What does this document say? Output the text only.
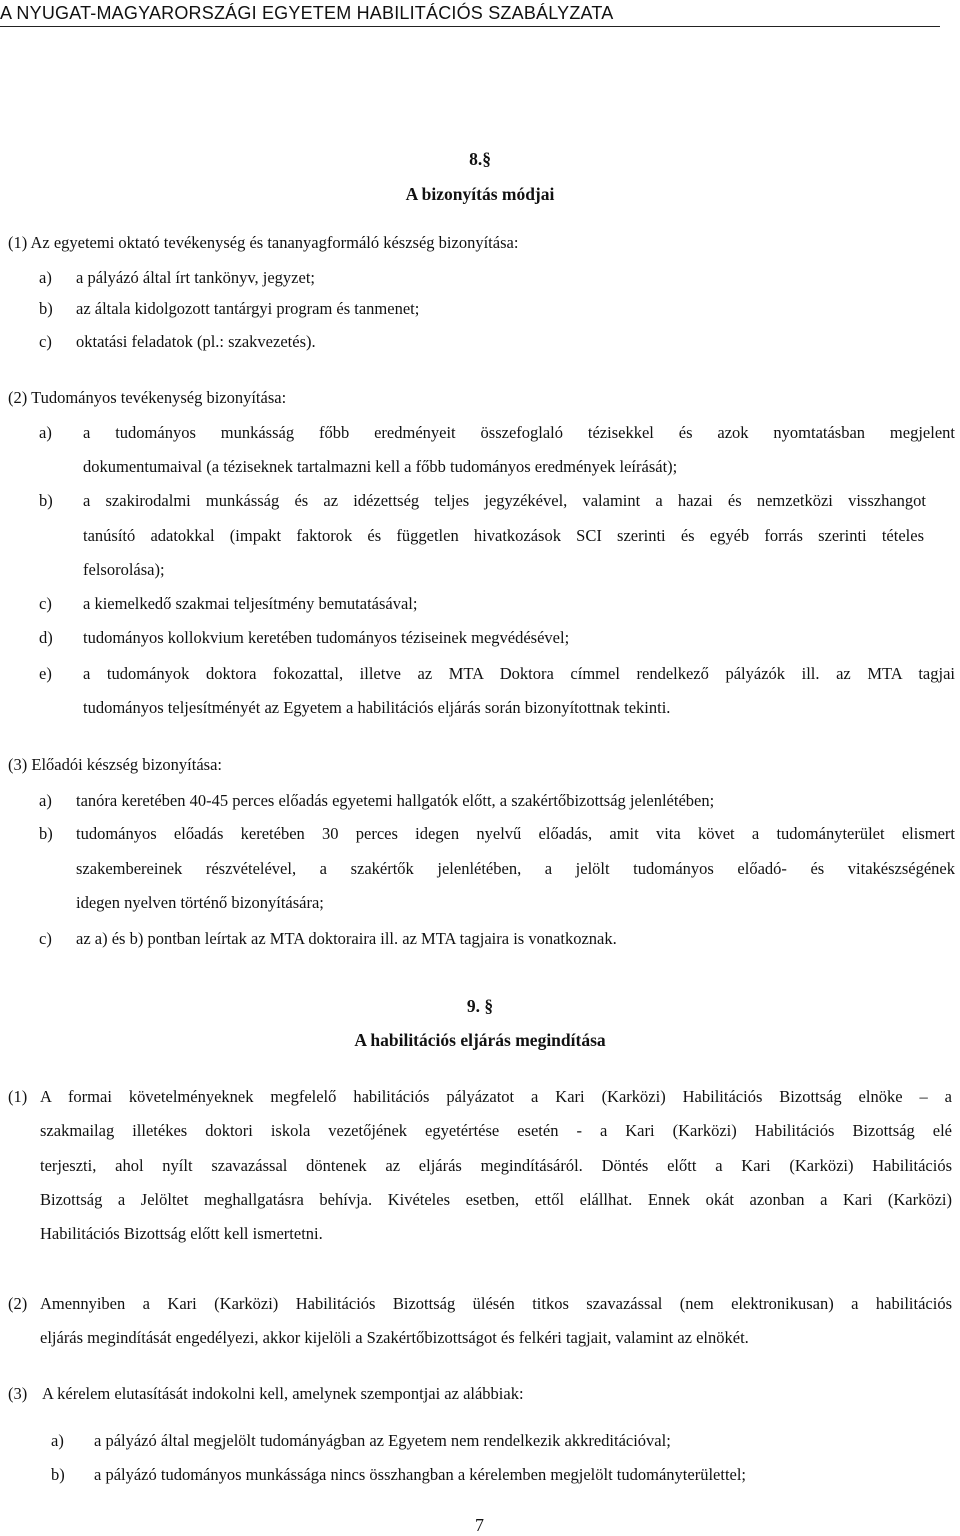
A NYUGAT-MAGYARORSZÁGI EGYETEM HABILITÁCIÓS SZABÁLYZATA
8.§
A bizonyítás módjai
(1) Az egyetemi oktató tevékenység és tananyagformáló készség bizonyítása:
a) a pályázó által írt tankönyv, jegyzet;
b) az általa kidolgozott tantárgyi program és tanmenet;
c) oktatási feladatok (pl.: szakvezetés).
(2) Tudományos tevékenység bizonyítása:
a) a tudományos munkásság főbb eredményeit összefoglaló tézisekkel és azok nyomtatásban megjelent
dokumentumaival (a téziseknek tartalmazni kell a főbb tudományos eredmények leírását);
b) a szakirodalmi munkásság és az idézettség teljes jegyzékével, valamint a hazai és nemzetközi visszhangot
tanúsító adatokkal (impakt faktorok és független hivatkozások SCI szerinti és egyéb forrás szerinti tételes
felsorolása);
c) a kiemelkedő szakmai teljesítmény bemutatásával;
d) tudományos kollokvium keretében tudományos téziseinek megvédésével;
e) a tudományok doktora fokozattal, illetve az MTA Doktora címmel rendelkező pályázók ill. az MTA tagjai
tudományos teljesítményét az Egyetem a habilitációs eljárás során bizonyítottnak tekinti.
(3) Előadói készség bizonyítása:
a) tanóra keretében 40-45 perces előadás egyetemi hallgatók előtt, a szakértőbizottság jelenlétében;
b) tudományos előadás keretében 30 perces idegen nyelvű előadás, amit vita követ a tudományterület elismert
szakembereinek részvételével, a szakértők jelenlétében, a jelölt tudományos előadó- és vitakészségének
idegen nyelven történő bizonyítására;
c) az a) és b) pontban leírtak az MTA doktoraira ill. az MTA tagjaira is vonatkoznak.
9. §
A habilitációs eljárás megindítása
(1) A formai követelményeknek megfelelő habilitációs pályázatot a Kari (Karközi) Habilitációs Bizottság elnöke – a
szakmailag illetékes doktori iskola vezetőjének egyetértése esetén - a Kari (Karközi) Habilitációs Bizottság elé
terjeszti, ahol nyílt szavazással döntenek az eljárás megindításáról. Döntés előtt a Kari (Karközi) Habilitációs
Bizottság a Jelöltet meghallgatásra behívja. Kivételes esetben, ettől elállhat. Ennek okát azonban a Kari (Karközi)
Habilitációs Bizottság előtt kell ismertetni.
(2) Amennyiben a Kari (Karközi) Habilitációs Bizottság ülésén titkos szavazással (nem elektronikusan) a habilitációs
eljárás megindítását engedélyezi, akkor kijelöli a Szakértőbizottságot és felkéri tagjait, valamint az elnökét.
(3) A kérelem elutasítását indokolni kell, amelynek szempontjai az alábbiak:
a) a pályázó által megjelölt tudományágban az Egyetem nem rendelkezik akkreditációval;
b) a pályázó tudományos munkássága nincs összhangban a kérelemben megjelölt tudományterülettel;
7
